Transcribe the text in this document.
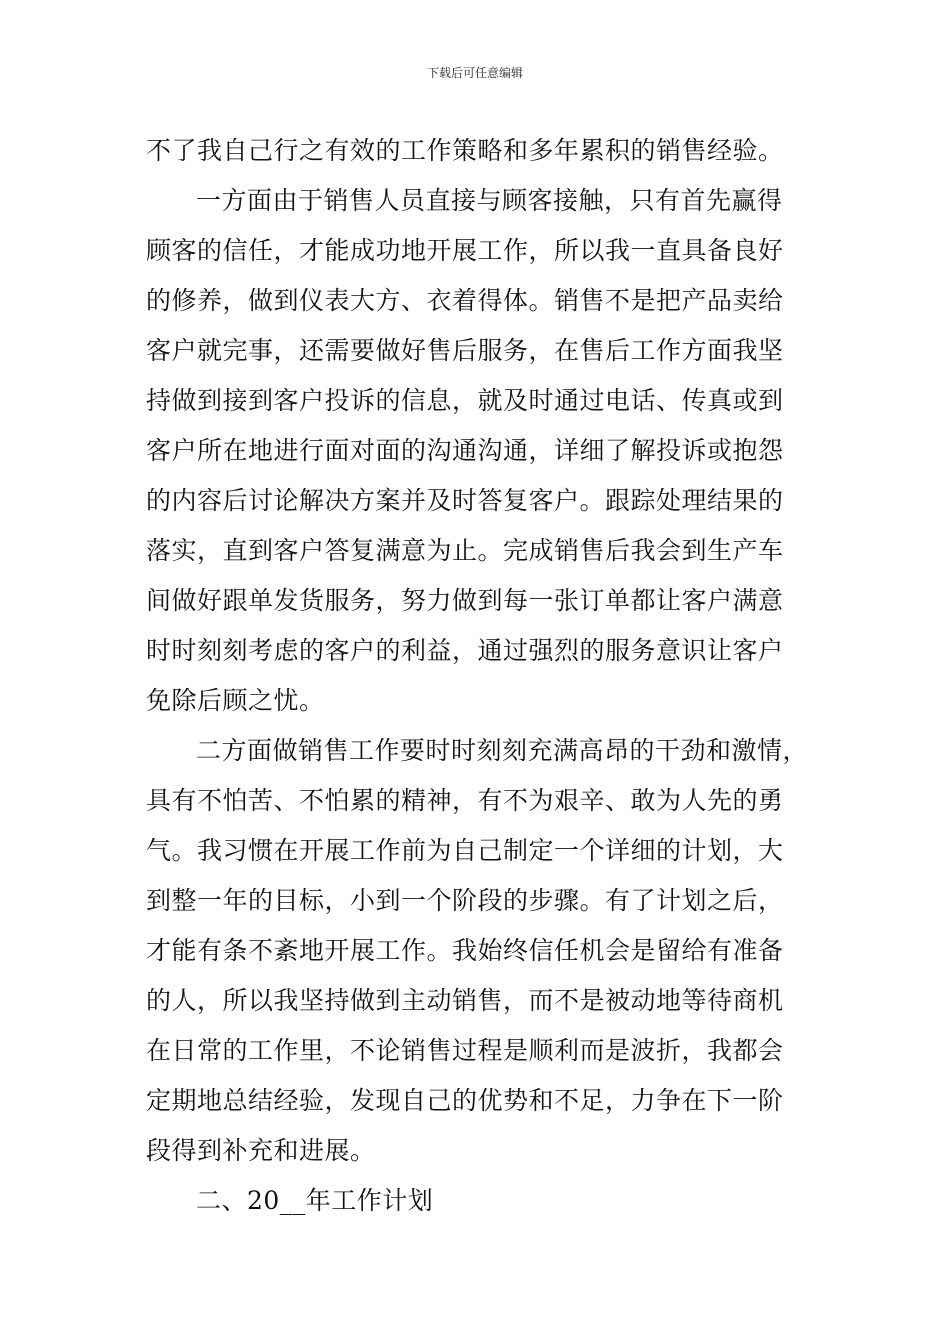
下载后可任意编辑
不了我自己行之有效的工作策略和多年累积的销售经验。
一方面由于销售人员直接与顾客接触，只有首先赢得
顾客的信任，才能成功地开展工作，所以我一直具备良好
的修养，做到仪表大方、衣着得体。销售不是把产品卖给
客户就完事，还需要做好售后服务，在售后工作方面我坚
持做到接到客户投诉的信息，就及时通过电话、传真或到
客户所在地进行面对面的沟通沟通，详细了解投诉或抱怨
的内容后讨论解决方案并及时答复客户。跟踪处理结果的
落实，直到客户答复满意为止。完成销售后我会到生产车
间做好跟单发货服务，努力做到每一张订单都让客户满意
时时刻刻考虑的客户的利益，通过强烈的服务意识让客户
免除后顾之忧。
二方面做销售工作要时时刻刻充满高昂的干劲和激情，
具有不怕苦、不怕累的精神，有不为艰辛、敢为人先的勇
气。我习惯在开展工作前为自己制定一个详细的计划，大
到整一年的目标，小到一个阶段的步骤。有了计划之后，
才能有条不紊地开展工作。我始终信任机会是留给有准备
的人，所以我坚持做到主动销售，而不是被动地等待商机
在日常的工作里，不论销售过程是顺利而是波折，我都会
定期地总结经验，发现自己的优势和不足，力争在下一阶
段得到补充和进展。
二、20__年工作计划
